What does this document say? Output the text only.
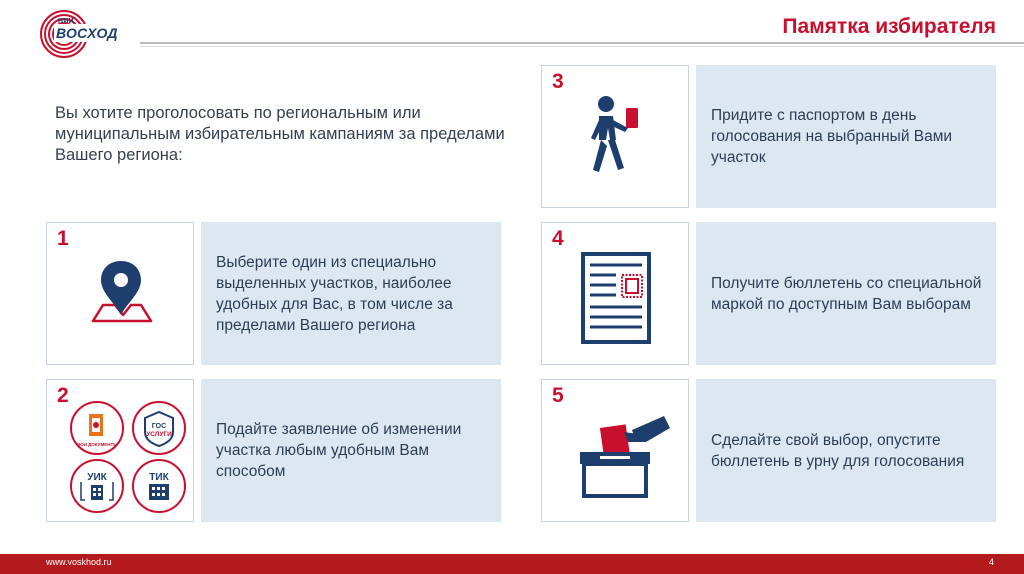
НИИ
ВОСХОД	Памятка избирателя
Вы хотите проголосовать по региональным или муниципальным избирательным кампаниям за пределами Вашего региона:
1
Выберите один из специально выделенных участков, наиболее удобных для Вас, в том числе за пределами Вашего региона
2
МОИ ДОКУМЕНТЫ
ГОС
УСЛУГИ
УИК	ТИК
Подайте заявление об изменении участка любым удобным Вам способом
3
Придите с паспортом в день голосования на выбранный Вами участок
4
Получите бюллетень со специальной маркой по доступным Вам выборам
5
Сделайте свой выбор, опустите бюллетень в урну для голосования
www.voskhod.ru	4
